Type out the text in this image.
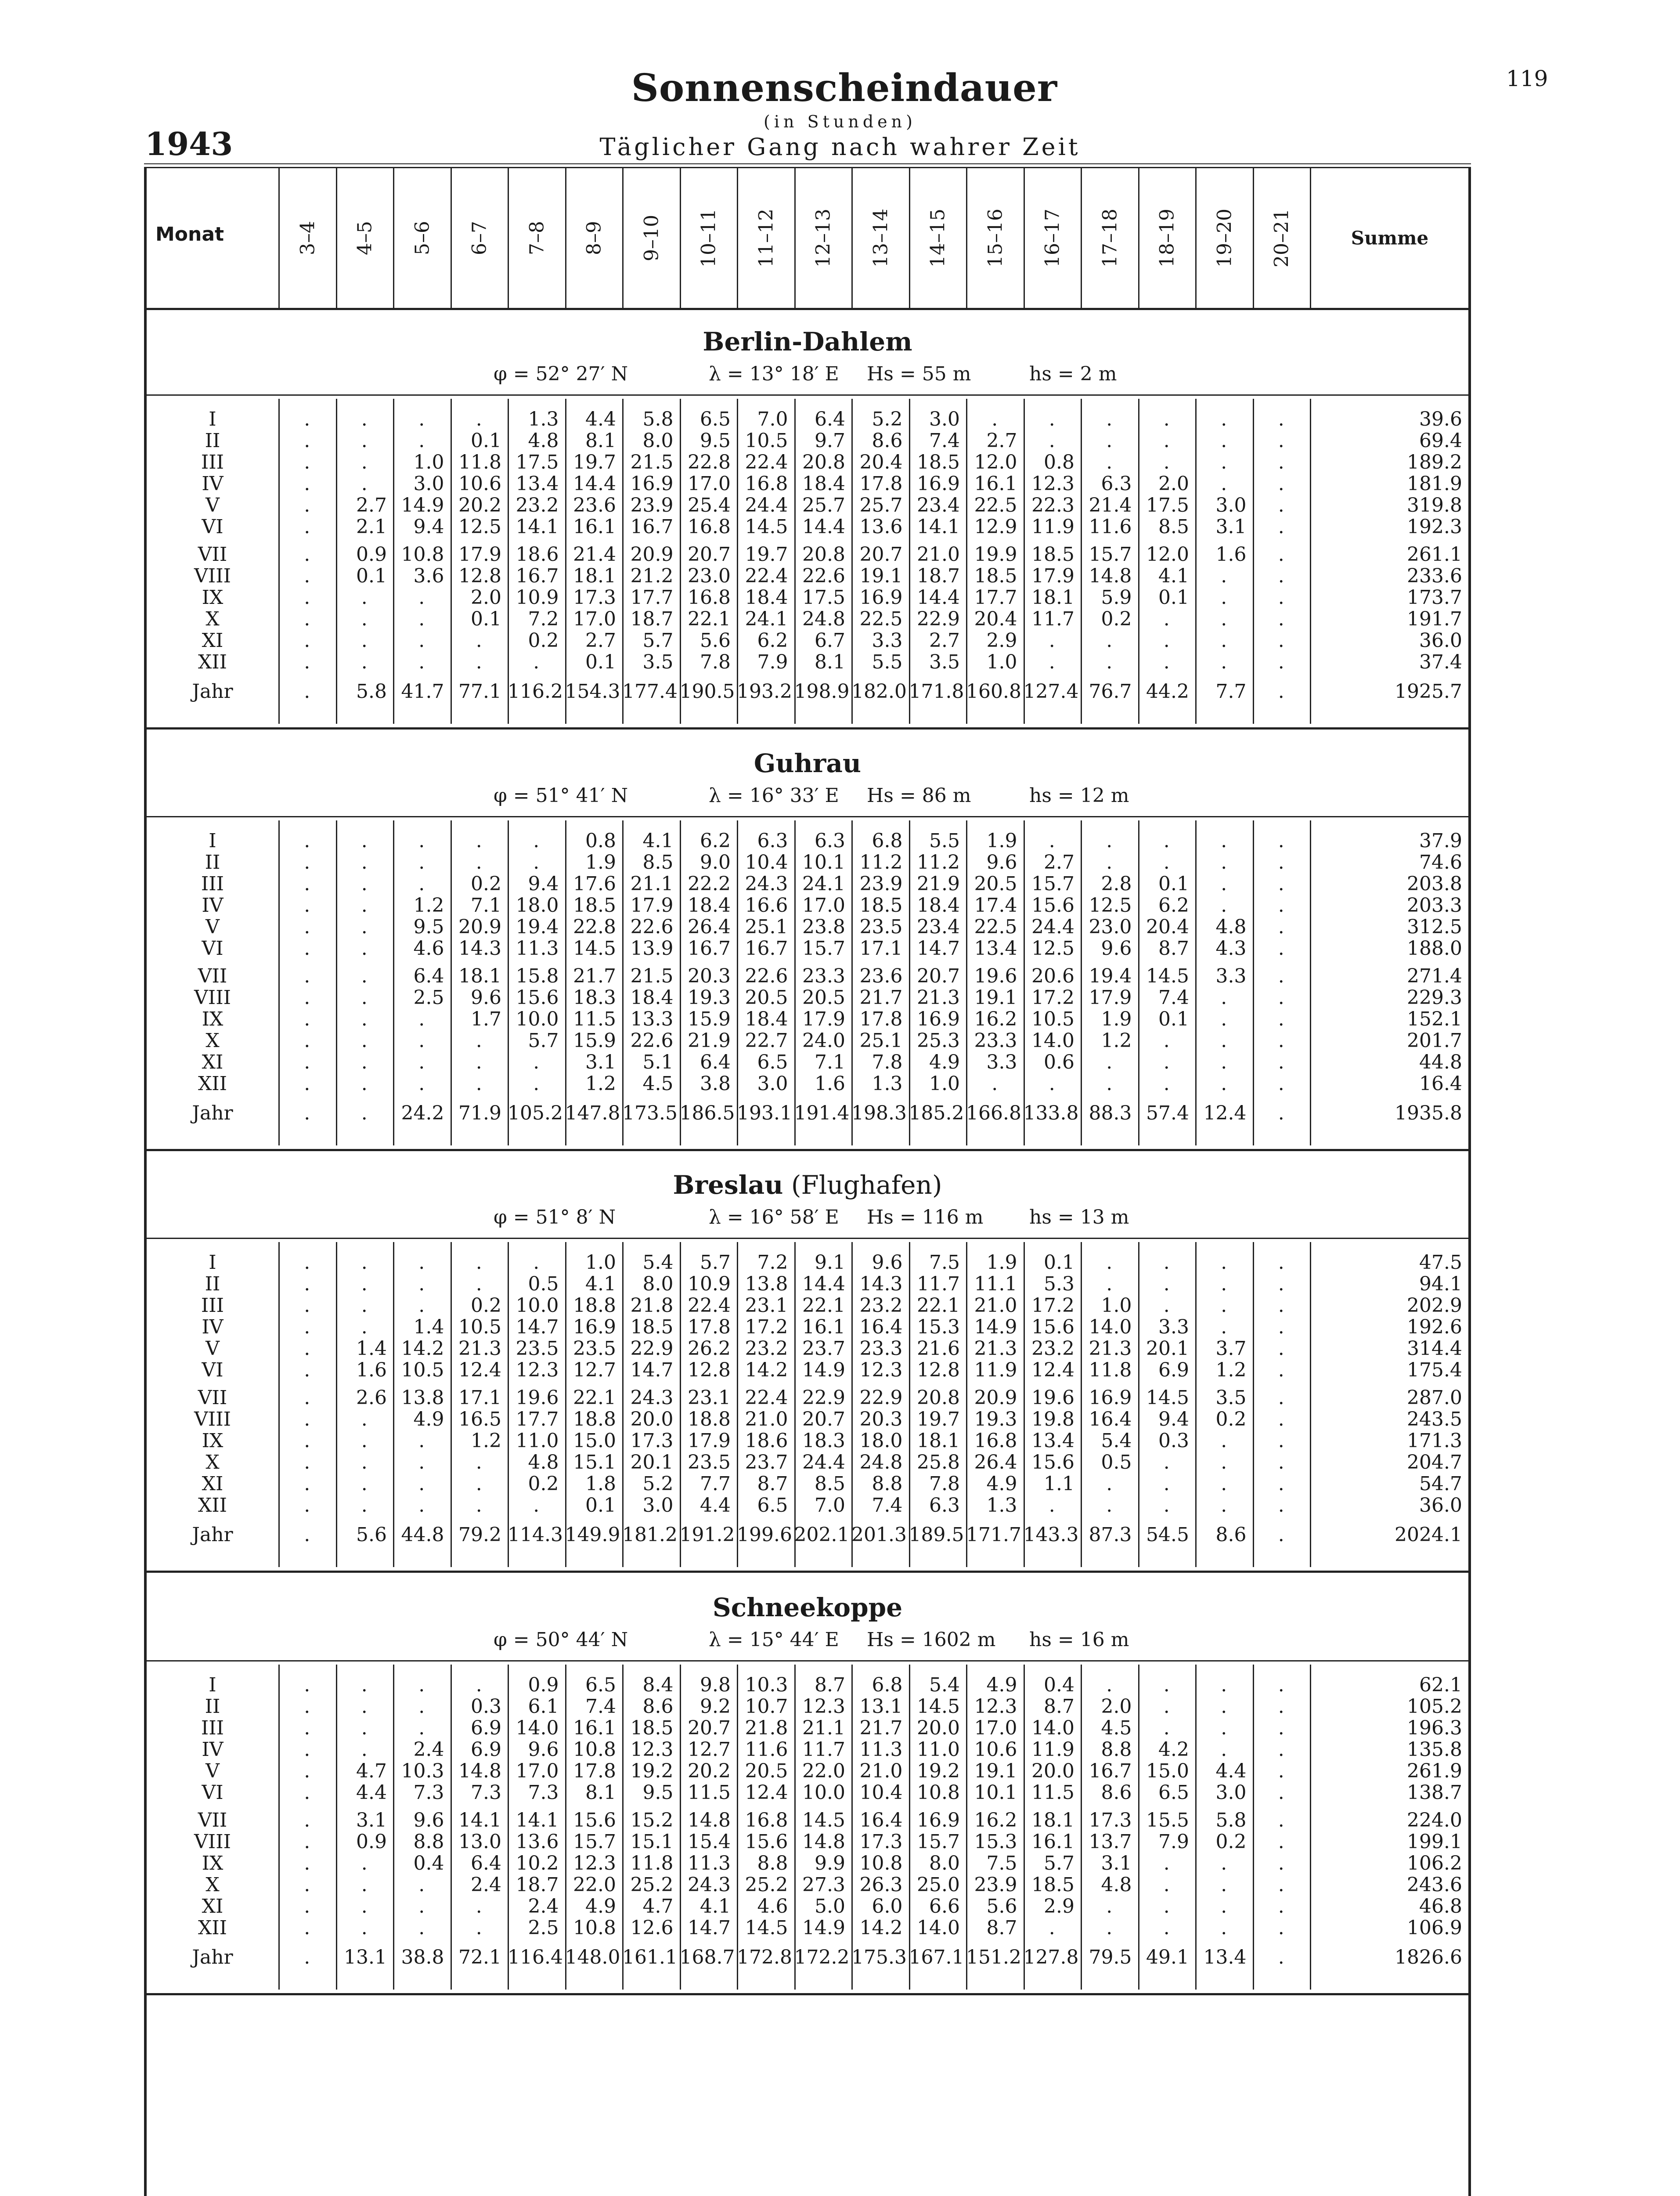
119
1943
Sonnenscheindauer
(in Stunden)
Täglicher Gang nach wahrer Zeit
Monat	3–4 4–5 5–6 6–7 7–8 8–9 9–10 10–11 11–12 12–13 13–14 14–15 15–16 16–17 17–18 18–19 19–20 20–21	Summe
Berlin-Dahlem
φ = 52° 27′ N	λ = 13° 18′ E Hs = 55 m	hs = 2 m
I	.	.	.	.	1.3	4.4	5.8	6.5	7.0	6.4	5.2	3.0	.	.	.	.	.	.	39.6
II	.	.	.	0.1	4.8	8.1	8.0	9.5 10.5	9.7	8.6	7.4	2.7	.	.	.	.	.	69.4
III	.	.	1.0 11.8 17.5 19.7 21.5 22.8 22.4 20.8 20.4 18.5 12.0	0.8	.	.	.	.	189.2
IV	.	.	3.0 10.6 13.4 14.4 16.9 17.0 16.8 18.4 17.8 16.9 16.1 12.3	6.3	2.0	.	.	181.9
V	.	2.7 14.9 20.2 23.2 23.6 23.9 25.4 24.4 25.7 25.7 23.4 22.5 22.3 21.4 17.5	3.0	.	319.8
VI	.	2.1	9.4 12.5 14.1 16.1 16.7 16.8 14.5 14.4 13.6 14.1 12.9 11.9 11.6	8.5	3.1	.	192.3
VII	.	0.9 10.8 17.9 18.6 21.4 20.9 20.7 19.7 20.8 20.7 21.0 19.9 18.5 15.7 12.0	1.6	.	261.1
VIII	.	0.1	3.6 12.8 16.7 18.1 21.2 23.0 22.4 22.6 19.1 18.7 18.5 17.9 14.8	4.1	.	.	233.6
IX	.	.	.	2.0 10.9 17.3 17.7 16.8 18.4 17.5 16.9 14.4 17.7 18.1	5.9	0.1	.	.	173.7
X	.	.	.	0.1	7.2 17.0 18.7 22.1 24.1 24.8 22.5 22.9 20.4 11.7	0.2	.	.	.	191.7
XI	.	.	.	.	0.2	2.7	5.7	5.6	6.2	6.7	3.3	2.7	2.9	.	.	.	.	.	36.0
XII	.	.	.	.	.	0.1	3.5	7.8	7.9	8.1	5.5	3.5	1.0	.	.	.	.	.	37.4
Jahr	.	5.8 41.7 77.1 116.2 154.3 177.4 190.5 193.2 198.9 182.0 171.8 160.8 127.4 76.7 44.2	7.7	.	1925.7
Guhrau
φ = 51° 41′ N	λ = 16° 33′ E Hs = 86 m	hs = 12 m
I	.	.	.	.	.	0.8	4.1	6.2	6.3	6.3	6.8	5.5	1.9	.	.	.	.	.	37.9
II	.	.	.	.	.	1.9	8.5	9.0 10.4 10.1 11.2 11.2	9.6	2.7	.	.	.	.	74.6
III	.	.	.	0.2	9.4 17.6 21.1 22.2 24.3 24.1 23.9 21.9 20.5 15.7	2.8	0.1	.	.	203.8
IV	.	.	1.2	7.1 18.0 18.5 17.9 18.4 16.6 17.0 18.5 18.4 17.4 15.6 12.5	6.2	.	.	203.3
V	.	.	9.5 20.9 19.4 22.8 22.6 26.4 25.1 23.8 23.5 23.4 22.5 24.4 23.0 20.4	4.8	.	312.5
VI	.	.	4.6 14.3 11.3 14.5 13.9 16.7 16.7 15.7 17.1 14.7 13.4 12.5	9.6	8.7	4.3	.	188.0
VII	.	.	6.4 18.1 15.8 21.7 21.5 20.3 22.6 23.3 23.6 20.7 19.6 20.6 19.4 14.5	3.3	.	271.4
VIII	.	.	2.5	9.6 15.6 18.3 18.4 19.3 20.5 20.5 21.7 21.3 19.1 17.2 17.9	7.4	.	.	229.3
IX	.	.	.	1.7 10.0 11.5 13.3 15.9 18.4 17.9 17.8 16.9 16.2 10.5	1.9	0.1	.	.	152.1
X	.	.	.	.	5.7 15.9 22.6 21.9 22.7 24.0 25.1 25.3 23.3 14.0	1.2	.	.	.	201.7
XI	.	.	.	.	.	3.1	5.1	6.4	6.5	7.1	7.8	4.9	3.3	0.6	.	.	.	.	44.8
XII	.	.	.	.	.	1.2	4.5	3.8	3.0	1.6	1.3	1.0	.	.	.	.	.	.	16.4
Jahr	.	.	24.2 71.9 105.2 147.8 173.5 186.5 193.1 191.4 198.3 185.2 166.8 133.8 88.3 57.4 12.4	.	1935.8
Breslau (Flughafen)
φ = 51° 8′ N	λ = 16° 58′ E Hs = 116 m hs = 13 m
I	.	.	.	.	.	1.0	5.4	5.7	7.2	9.1	9.6	7.5	1.9	0.1	.	.	.	.	47.5
II	.	.	.	.	0.5	4.1	8.0 10.9 13.8 14.4 14.3 11.7 11.1	5.3	.	.	.	.	94.1
III	.	.	.	0.2 10.0 18.8 21.8 22.4 23.1 22.1 23.2 22.1 21.0 17.2	1.0	.	.	.	202.9
IV	.	.	1.4 10.5 14.7 16.9 18.5 17.8 17.2 16.1 16.4 15.3 14.9 15.6 14.0	3.3	.	.	192.6
V	.	1.4 14.2 21.3 23.5 23.5 22.9 26.2 23.2 23.7 23.3 21.6 21.3 23.2 21.3 20.1	3.7	.	314.4
VI	.	1.6 10.5 12.4 12.3 12.7 14.7 12.8 14.2 14.9 12.3 12.8 11.9 12.4 11.8	6.9	1.2	.	175.4
VII	.	2.6 13.8 17.1 19.6 22.1 24.3 23.1 22.4 22.9 22.9 20.8 20.9 19.6 16.9 14.5	3.5	.	287.0
VIII	.	.	4.9 16.5 17.7 18.8 20.0 18.8 21.0 20.7 20.3 19.7 19.3 19.8 16.4	9.4	0.2	.	243.5
IX	.	.	.	1.2 11.0 15.0 17.3 17.9 18.6 18.3 18.0 18.1 16.8 13.4	5.4	0.3	.	.	171.3
X	.	.	.	.	4.8 15.1 20.1 23.5 23.7 24.4 24.8 25.8 26.4 15.6	0.5	.	.	.	204.7
XI	.	.	.	.	0.2	1.8	5.2	7.7	8.7	8.5	8.8	7.8	4.9	1.1	.	.	.	.	54.7
XII	.	.	.	.	.	0.1	3.0	4.4	6.5	7.0	7.4	6.3	1.3	.	.	.	.	.	36.0
Jahr	.	5.6 44.8 79.2 114.3 149.9 181.2 191.2 199.6 202.1 201.3 189.5 171.7 143.3 87.3 54.5	8.6	.	2024.1
Schneekoppe
φ = 50° 44′ N	λ = 15° 44′ E Hs = 1602 m hs = 16 m
I	.	.	.	.	0.9	6.5	8.4	9.8 10.3	8.7	6.8	5.4	4.9	0.4	.	.	.	.	62.1
II	.	.	.	0.3	6.1	7.4	8.6	9.2 10.7 12.3 13.1 14.5 12.3	8.7	2.0	.	.	.	105.2
III	.	.	.	6.9 14.0 16.1 18.5 20.7 21.8 21.1 21.7 20.0 17.0 14.0	4.5	.	.	.	196.3
IV	.	.	2.4	6.9	9.6 10.8 12.3 12.7 11.6 11.7 11.3 11.0 10.6 11.9	8.8	4.2	.	.	135.8
V	.	4.7 10.3 14.8 17.0 17.8 19.2 20.2 20.5 22.0 21.0 19.2 19.1 20.0 16.7 15.0	4.4	.	261.9
VI	.	4.4	7.3	7.3	7.3	8.1	9.5 11.5 12.4 10.0 10.4 10.8 10.1 11.5	8.6	6.5	3.0	.	138.7
VII	.	3.1	9.6 14.1 14.1 15.6 15.2 14.8 16.8 14.5 16.4 16.9 16.2 18.1 17.3 15.5	5.8	.	224.0
VIII	.	0.9	8.8 13.0 13.6 15.7 15.1 15.4 15.6 14.8 17.3 15.7 15.3 16.1 13.7	7.9	0.2	.	199.1
IX	.	.	0.4	6.4 10.2 12.3 11.8 11.3	8.8	9.9 10.8	8.0	7.5	5.7	3.1	.	.	.	106.2
X	.	.	.	2.4 18.7 22.0 25.2 24.3 25.2 27.3 26.3 25.0 23.9 18.5	4.8	.	.	.	243.6
XI	.	.	.	.	2.4	4.9	4.7	4.1	4.6	5.0	6.0	6.6	5.6	2.9	.	.	.	.	46.8
XII	.	.	.	.	2.5 10.8 12.6 14.7 14.5 14.9 14.2 14.0	8.7	.	.	.	.	.	106.9
Jahr	.	13.1 38.8 72.1 116.4 148.0 161.1 168.7 172.8 172.2 175.3 167.1 151.2 127.8 79.5 49.1 13.4	.	1826.6
